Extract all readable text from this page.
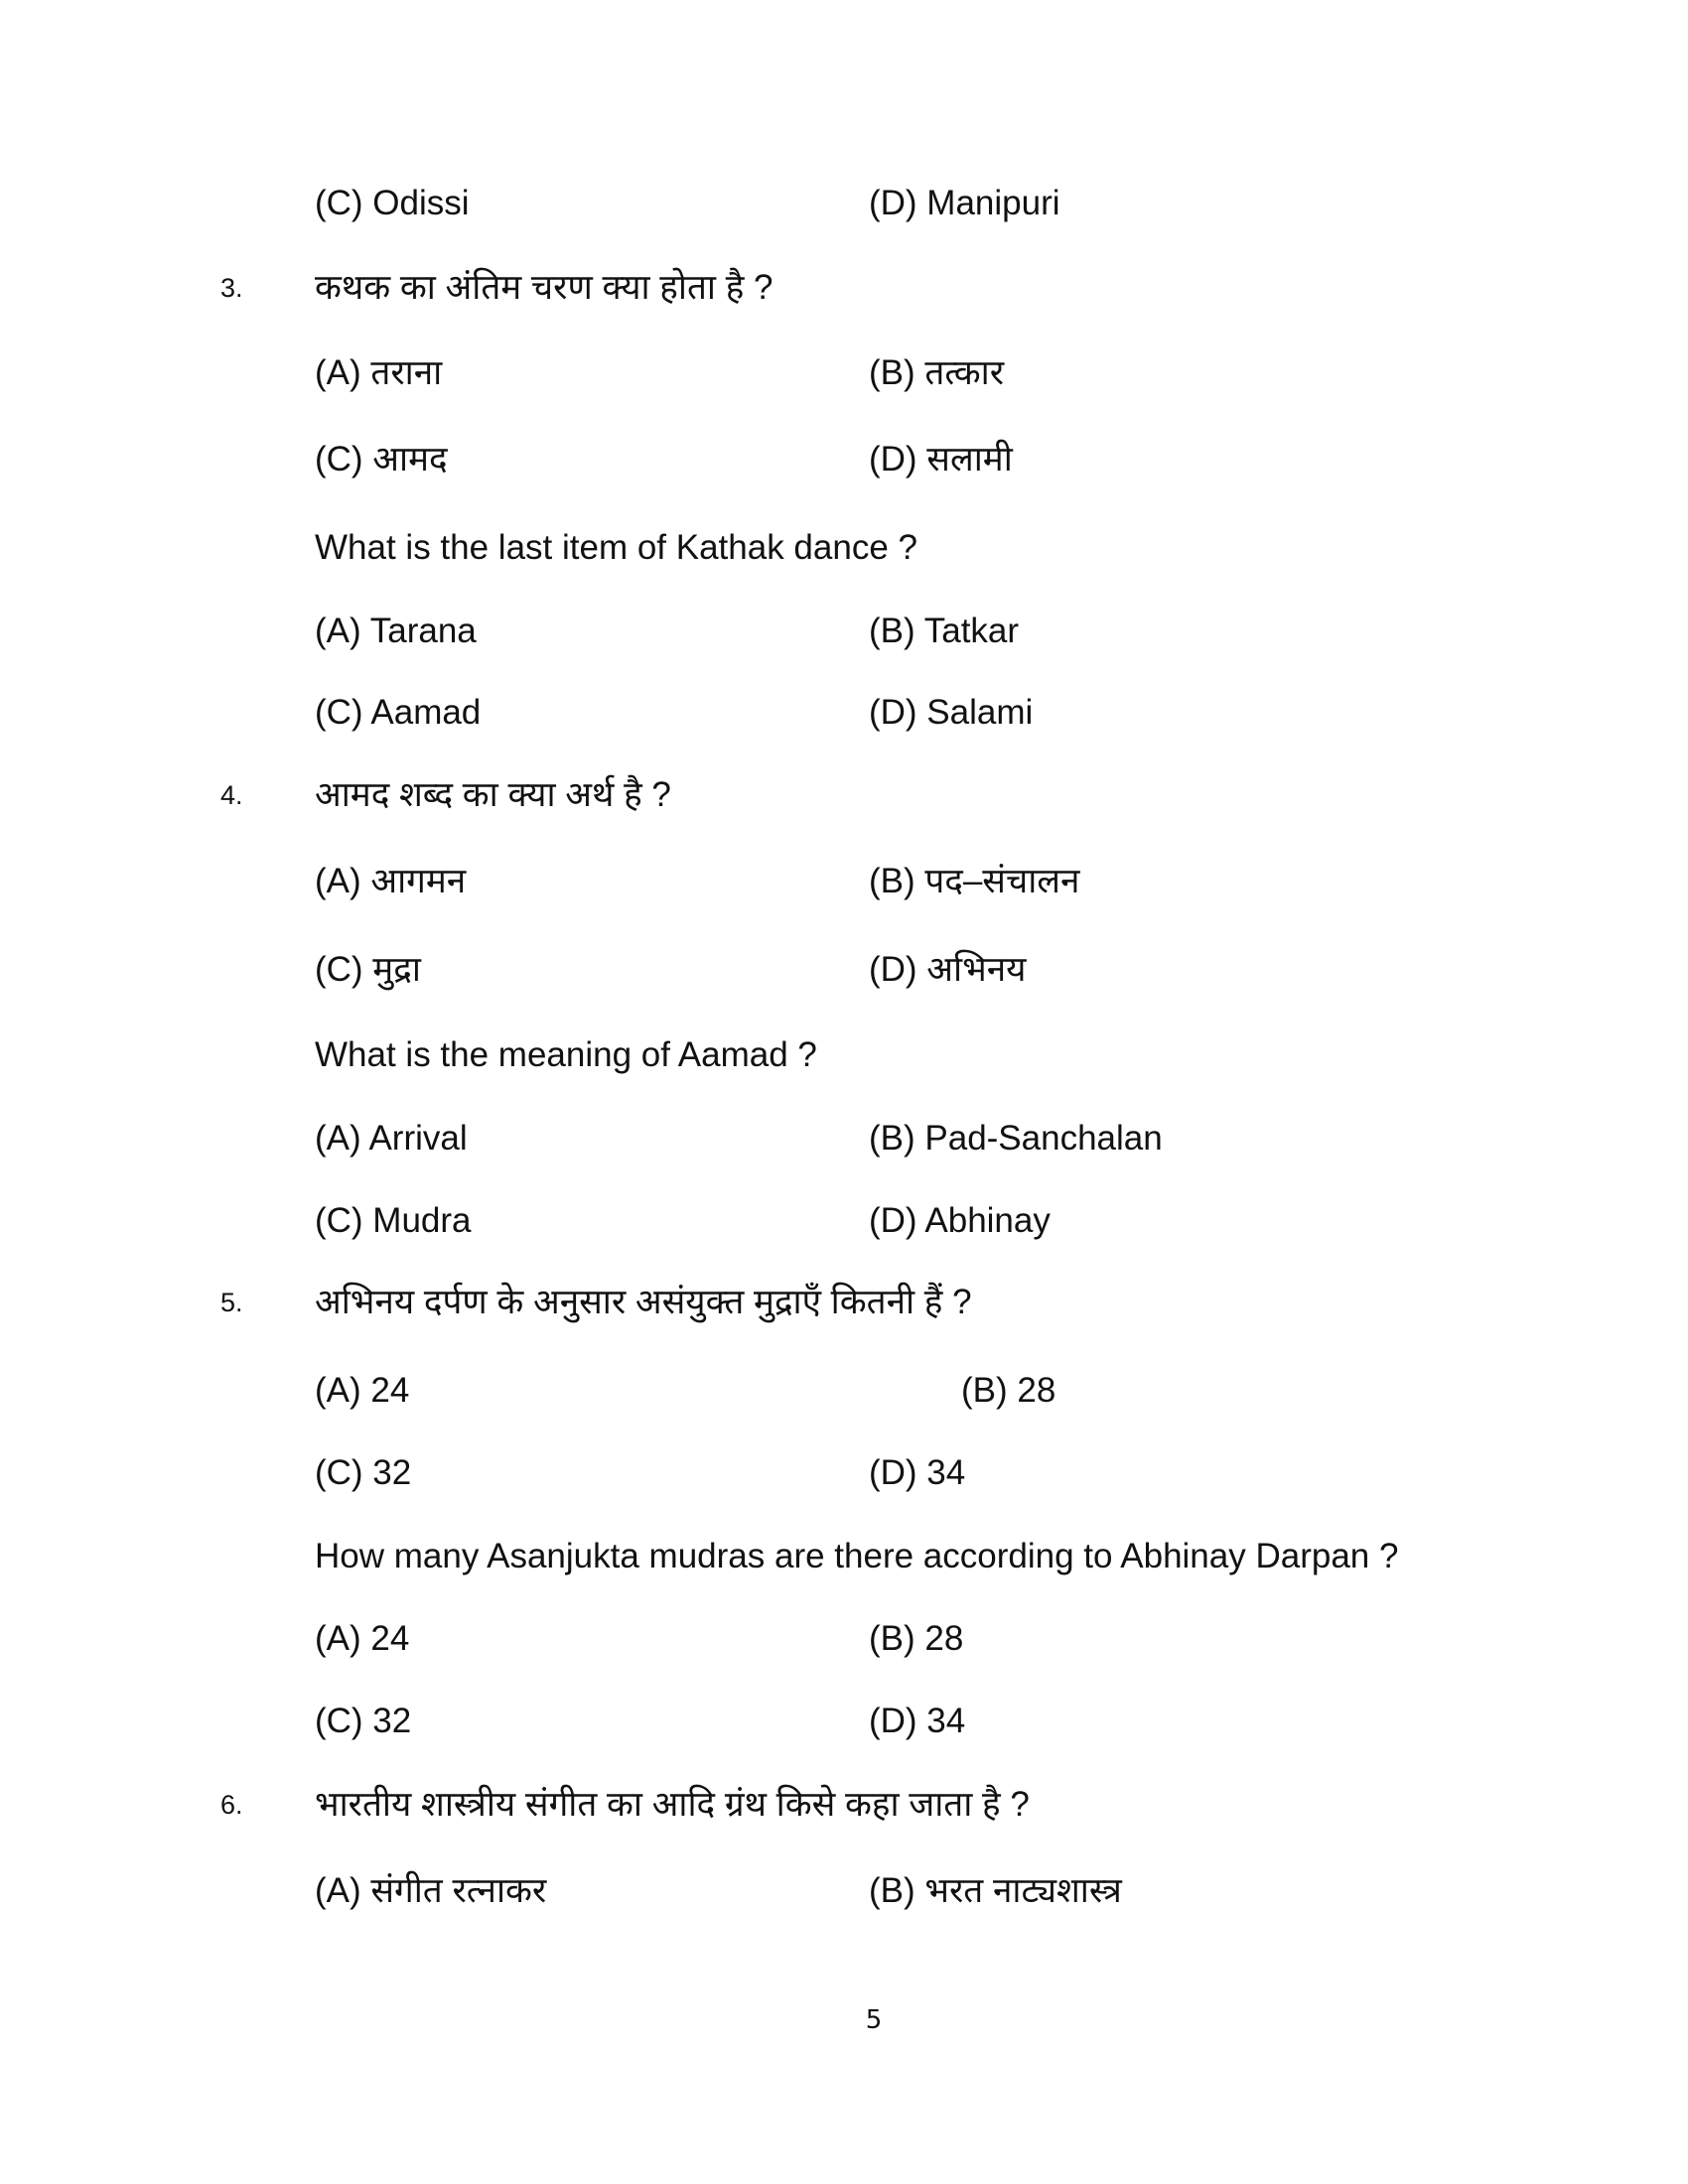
(C) Odissi	(D) Manipuri
3. कथक का अंतिम चरण क्या होता है ?
(A) तराना	(B) तत्कार
(C) आमद	(D) सलामी
What is the last item of Kathak dance ?
(A) Tarana	(B) Tatkar
(C) Aamad	(D) Salami
4. आमद शब्द का क्या अर्थ है ?
(A) आगमन	(B) पद–संचालन
(C) मुद्रा	(D) अभिनय
What is the meaning of Aamad ?
(A) Arrival	(B) Pad-Sanchalan
(C) Mudra	(D) Abhinay
5. अभिनय दर्पण के अनुसार असंयुक्त मुद्राएँ कितनी हैं ?
(A) 24	(B) 28
(C) 32	(D) 34
How many Asanjukta mudras are there according to Abhinay Darpan ?
(A) 24	(B) 28
(C) 32	(D) 34
6. भारतीय शास्त्रीय संगीत का आदि ग्रंथ किसे कहा जाता है ?
(A) संगीत रत्नाकर	(B) भरत नाट्यशास्त्र
5
